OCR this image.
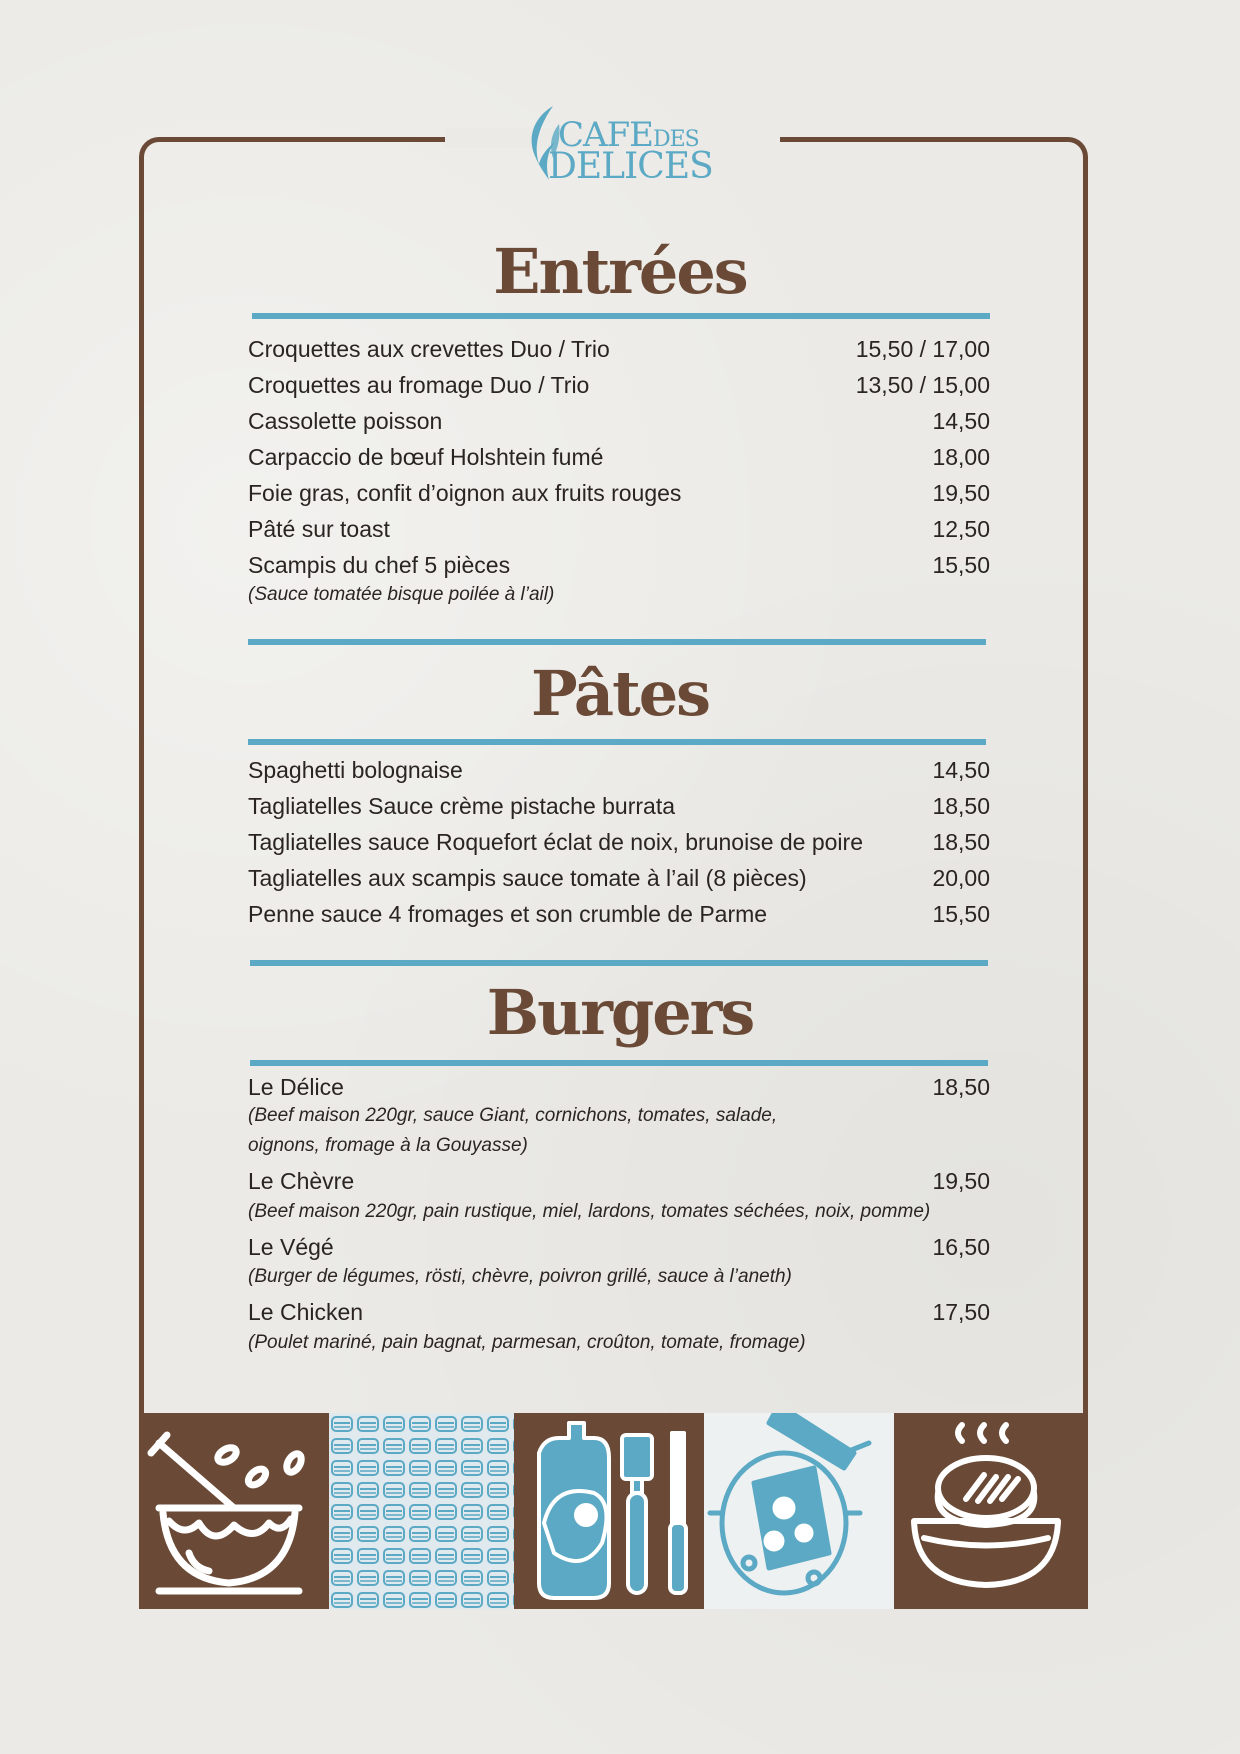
CAFEDES
DELICES
Entrées
Croquettes aux crevettes Duo / Trio	15,50 / 17,00
Croquettes au fromage Duo / Trio	13,50 / 15,00
Cassolette poisson	14,50
Carpaccio de bœuf Holshtein fumé	18,00
Foie gras, confit d’oignon aux fruits rouges	19,50
Pâté sur toast	12,50
Scampis du chef 5 pièces	15,50
(Sauce tomatée bisque poilée à l’ail)
Pâtes
Spaghetti bolognaise	14,50
Tagliatelles Sauce crème pistache burrata	18,50
Tagliatelles sauce Roquefort éclat de noix, brunoise de poire	18,50
Tagliatelles aux scampis sauce tomate à l’ail (8 pièces)	20,00
Penne sauce 4 fromages et son crumble de Parme	15,50
Burgers
Le Délice	18,50
(Beef maison 220gr, sauce Giant, cornichons, tomates, salade,
oignons, fromage à la Gouyasse)
Le Chèvre	19,50
(Beef maison 220gr, pain rustique, miel, lardons, tomates séchées, noix, pomme)
Le Végé	16,50
(Burger de légumes, rösti, chèvre, poivron grillé, sauce à l’aneth)
Le Chicken	17,50
(Poulet mariné, pain bagnat, parmesan, croûton, tomate, fromage)
